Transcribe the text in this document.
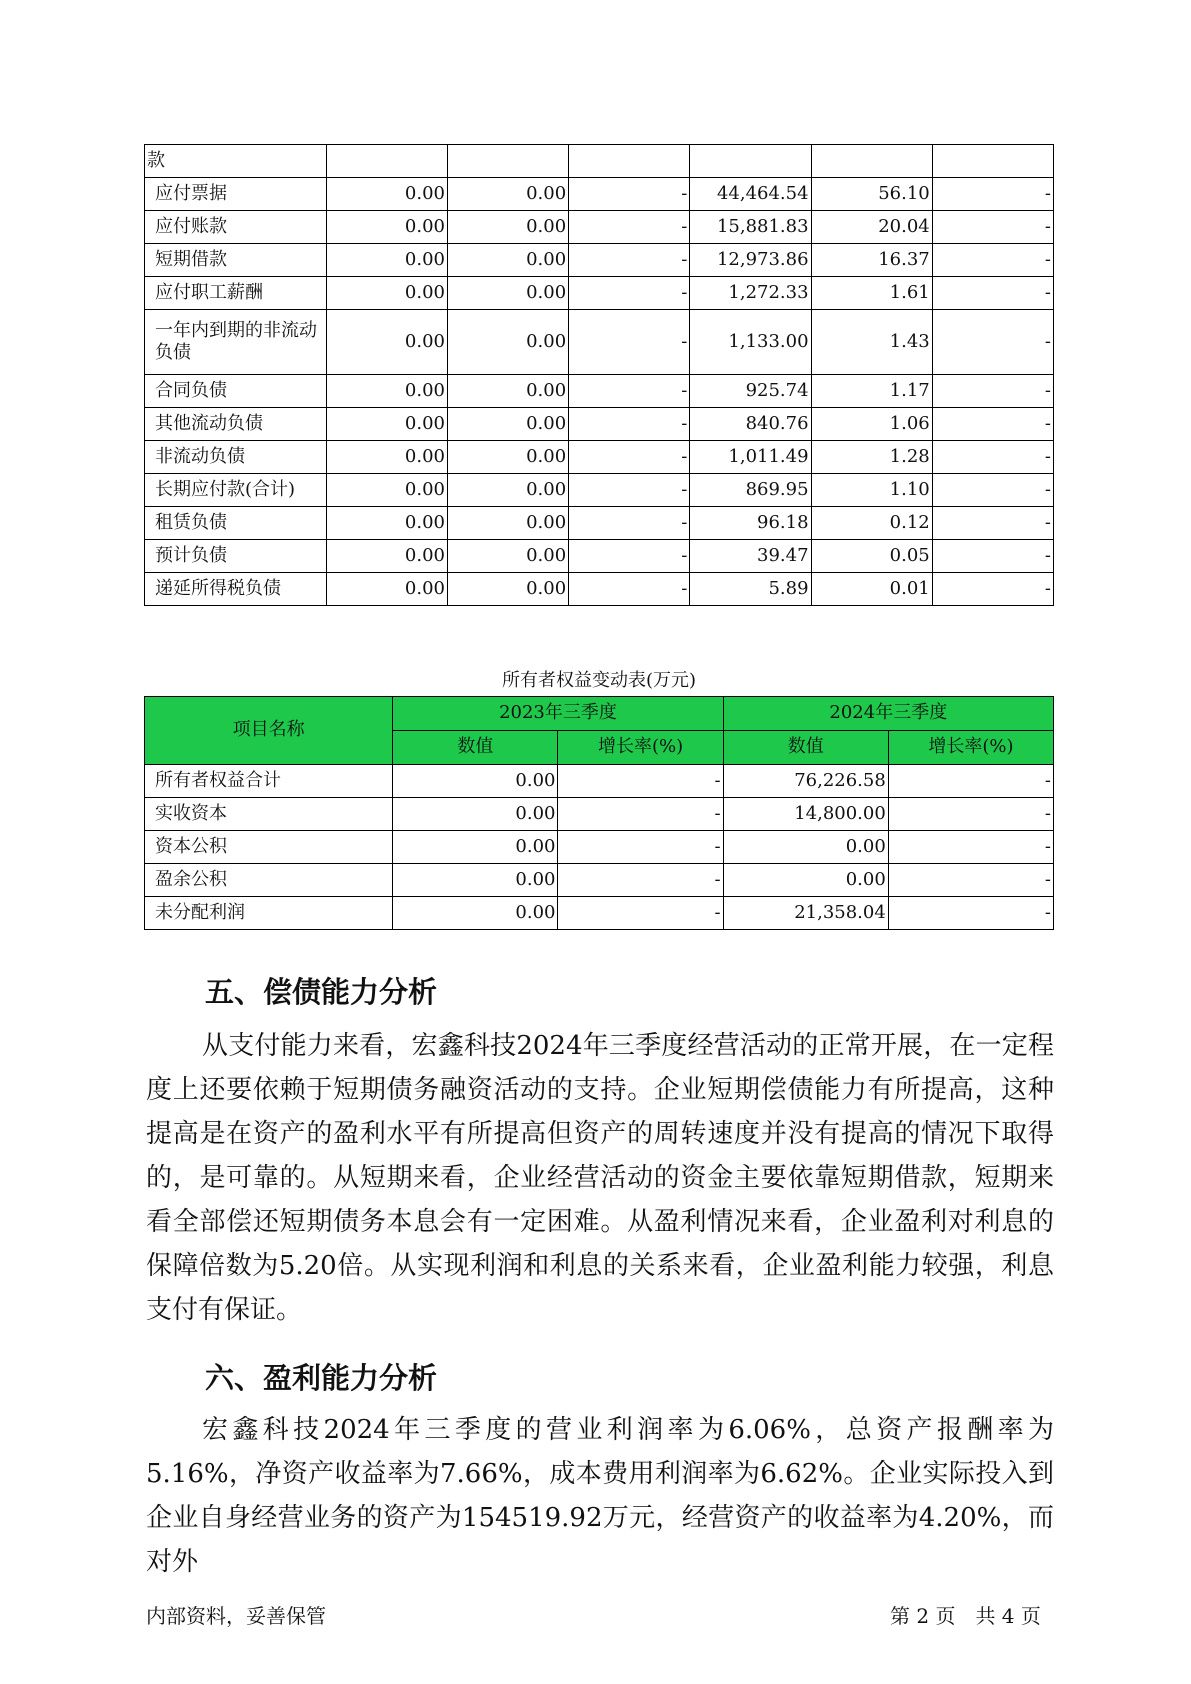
款						
应付票据	0.00	0.00	-	44,464.54	56.10	-
应付账款	0.00	0.00	-	15,881.83	20.04	-
短期借款	0.00	0.00	-	12,973.86	16.37	-
应付职工薪酬	0.00	0.00	-	1,272.33	1.61	-
一年内到期的非流动负债	0.00	0.00	-	1,133.00	1.43	-
合同负债	0.00	0.00	-	925.74	1.17	-
其他流动负债	0.00	0.00	-	840.76	1.06	-
非流动负债	0.00	0.00	-	1,011.49	1.28	-
长期应付款(合计)	0.00	0.00	-	869.95	1.10	-
租赁负债	0.00	0.00	-	96.18	0.12	-
预计负债	0.00	0.00	-	39.47	0.05	-
递延所得税负债	0.00	0.00	-	5.89	0.01	-
所有者权益变动表(万元)
项目名称	2023年三季度		2024年三季度	
	数值	增长率(%)	数值	增长率(%)
所有者权益合计	0.00	-	76,226.58	-
实收资本	0.00	-	14,800.00	-
资本公积	0.00	-	0.00	-
盈余公积	0.00	-	0.00	-
未分配利润	0.00	-	21,358.04	-
五、偿债能力分析

从支付能力来看，宏鑫科技2024年三季度经营活动的正常开展，在一定程度上还要依赖于短期债务融资活动的支持。企业短期偿债能力有所提高，这种提高是在资产的盈利水平有所提高但资产的周转速度并没有提高的情况下取得的，是可靠的。从短期来看，企业经营活动的资金主要依靠短期借款，短期来看全部偿还短期债务本息会有一定困难。从盈利情况来看，企业盈利对利息的保障倍数为5.20倍。从实现利润和利息的关系来看，企业盈利能力较强，利息支付有保证。

六、盈利能力分析

宏鑫科技2024年三季度的营业利润率为6.06%，总资产报酬率为5.16%，净资产收益率为7.66%，成本费用利润率为6.62%。企业实际投入到企业自身经营业务的资产为154519.92万元，经营资产的收益率为4.20%，而对外

内部资料，妥善保管	第 2 页　共 4 页
